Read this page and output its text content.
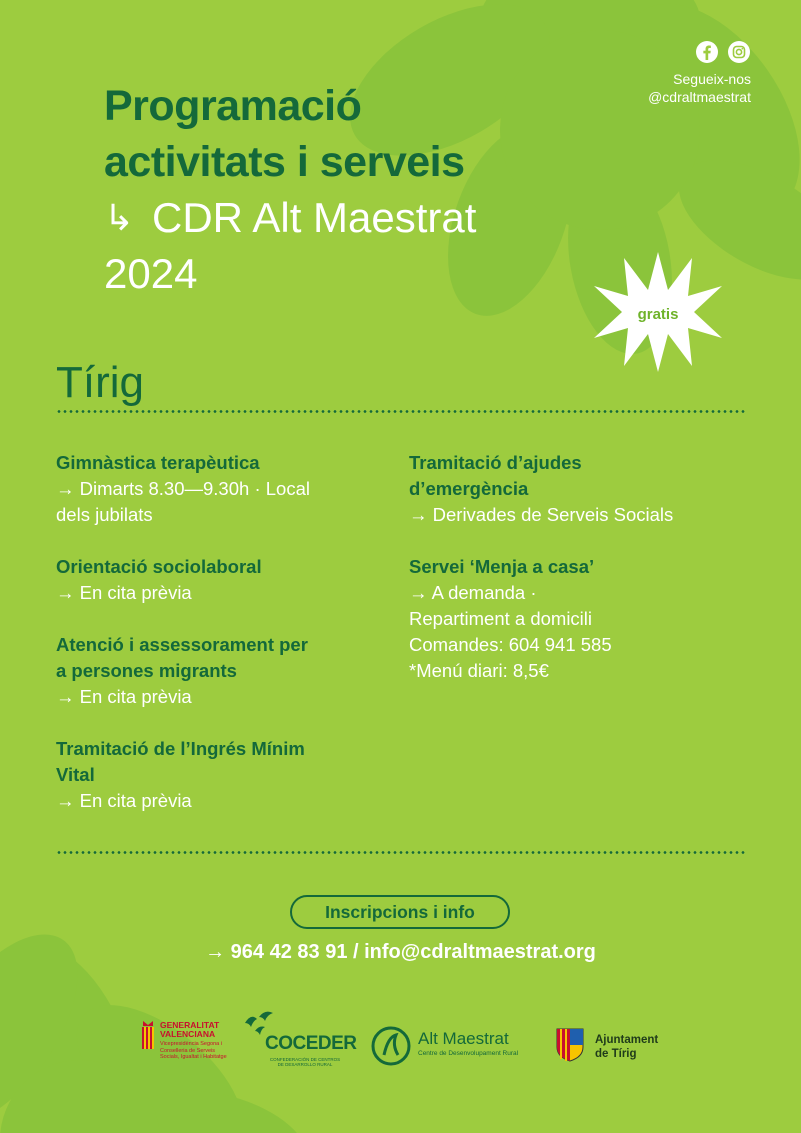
Segueix-nos
@cdraltmaestrat
Programació
activitats i serveis
↳ CDR Alt Maestrat
2024
gratis
Tírig
Gimnàstica terapèutica
→ Dimarts 8.30—9.30h · Local
dels jubilats
Orientació sociolaboral
→ En cita prèvia
Atenció i assessorament per
a persones migrants
→ En cita prèvia
Tramitació de l’Ingrés Mínim
Vital
→ En cita prèvia
Tramitació d’ajudes
d’emergència
→ Derivades de Serveis Socials
Servei ‘Menja a casa’
→ A demanda ·
Repartiment a domicili
Comandes: 604 941 585
*Menú diari: 8,5€
Inscripcions i info
→ 964 42 83 91 / info@cdraltmaestrat.org
GENERALITAT
VALENCIANA
Vicepresidència Segona i Conselleria de Serveis Socials, Igualtat i Habitatge
COCEDER
CONFEDERACIÓN DE CENTROS DE DESARROLLO RURAL
Alt Maestrat
Centre de Desenvolupament Rural
Ajuntament
de Tírig
